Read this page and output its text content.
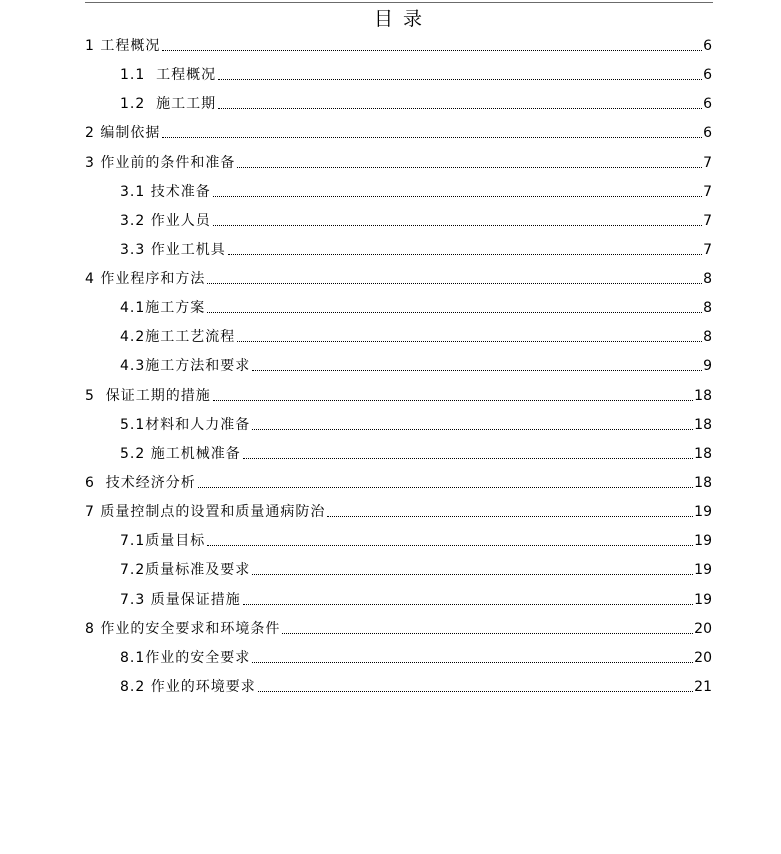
目 录
1 工程概况	6
1.1  工程概况	6
1.2  施工工期	6
2 编制依据	6
3 作业前的条件和准备	7
3.1 技术准备	7
3.2 作业人员	7
3.3 作业工机具	7
4 作业程序和方法	8
4.1施工方案	8
4.2施工工艺流程	8
4.3施工方法和要求	9
5  保证工期的措施	18
5.1材料和人力准备	18
5.2 施工机械准备	18
6  技术经济分析	18
7 质量控制点的设置和质量通病防治	19
7.1质量目标	19
7.2质量标准及要求	19
7.3 质量保证措施	19
8 作业的安全要求和环境条件	20
8.1作业的安全要求	20
8.2 作业的环境要求	21
